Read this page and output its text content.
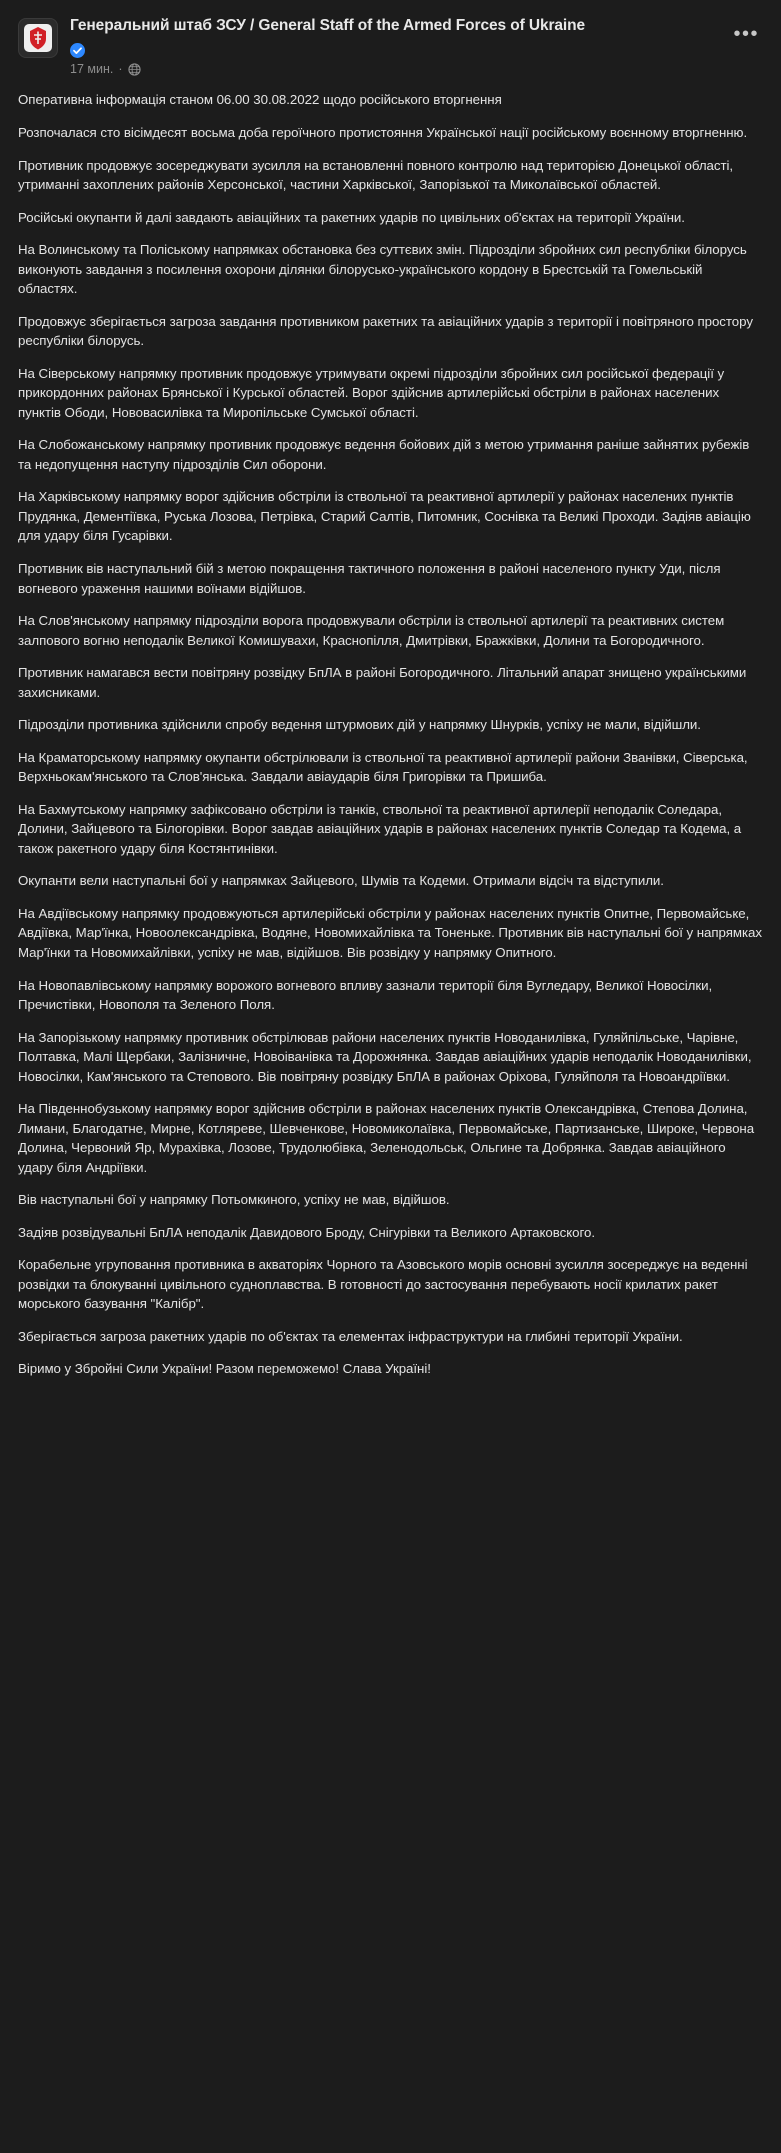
Генеральний штаб ЗСУ / General Staff of the Armed Forces of Ukraine
17 мин. ·
•••

Оперативна інформація станом 06.00 30.08.2022 щодо російського вторгнення

Розпочалася сто вісімдесят восьма доба героїчного протистояння Української нації російському воєнному вторгненню.

Противник продовжує зосереджувати зусилля на встановленні повного контролю над територією Донецької області, утриманні захоплених районів Херсонської, частини Харківської, Запорізької та Миколаївської областей.

Російські окупанти й далі завдають авіаційних та ракетних ударів по цивільних об'єктах на території України.

На Волинському та Поліському напрямках обстановка без суттєвих змін. Підрозділи збройних сил республіки білорусь виконують завдання з посилення охорони ділянки білорусько-українського кордону в Брестській та Гомельській областях.

Продовжує зберігається загроза завдання противником ракетних та авіаційних ударів з території і повітряного простору республіки білорусь.

На Сіверському напрямку противник продовжує утримувати окремі підрозділи збройних сил російської федерації у прикордонних районах Брянської і Курської областей. Ворог здійснив артилерійські обстріли в районах населених пунктів Ободи, Нововасилівка та Миропільське Сумської області.

На Слобожанському напрямку противник продовжує ведення бойових дій з метою утримання раніше зайнятих рубежів та недопущення наступу підрозділів Сил оборони.

На Харківському напрямку ворог здійснив обстріли із ствольної та реактивної артилерії у районах населених пунктів Прудянка, Дементіївка, Руська Лозова, Петрівка, Старий Салтів, Питомник, Соснівка та Великі Проходи. Задіяв авіацію для удару біля Гусарівки.

Противник вів наступальний бій з метою покращення тактичного положення в районі населеного пункту Уди, після вогневого ураження нашими воїнами відійшов.

На Слов'янському напрямку підрозділи ворога продовжували обстріли із ствольної артилерії та реактивних систем залпового вогню неподалік Великої Комишувахи, Краснопілля, Дмитрівки, Бражківки, Долини та Богородичного.

Противник намагався вести повітряну розвідку БпЛА в районі Богородичного. Літальний апарат знищено українськими захисниками.

Підрозділи противника здійснили спробу ведення штурмових дій у напрямку Шнурків, успіху не мали, відійшли.

На Краматорському напрямку окупанти обстрілювали із ствольної та реактивної артилерії райони Званівки, Сіверська, Верхньокам'янського та Слов'янська. Завдали авіаударів біля Григорівки та Пришиба.

На Бахмутському напрямку зафіксовано обстріли із танків, ствольної та реактивної артилерії неподалік Соледара, Долини, Зайцевого та Білогорівки. Ворог завдав авіаційних ударів в районах населених пунктів Соледар та Кодема, а також ракетного удару біля Костянтинівки.

Окупанти вели наступальні бої у напрямках Зайцевого, Шумів та Кодеми. Отримали відсіч та відступили.

На Авдіївському напрямку продовжуються артилерійські обстріли у районах населених пунктів Опитне, Первомайське, Авдіївка, Мар'їнка, Новоолександрівка, Водяне, Новомихайлівка та Тоненьке. Противник вів наступальні бої у напрямках Мар'їнки та Новомихайлівки, успіху не мав, відійшов. Вів розвідку у напрямку Опитного.

На Новопавлівському напрямку ворожого вогневого впливу зазнали території біля Вугледару, Великої Новосілки, Пречистівки, Новополя та Зеленого Поля.

На Запорізькому напрямку противник обстрілював райони населених пунктів Новоданилівка, Гуляйпільське, Чарівне, Полтавка, Малі Щербаки, Залізничне, Новоіванівка та Дорожнянка. Завдав авіаційних ударів неподалік Новоданилівки, Новосілки, Кам'янського та Степового. Вів повітряну розвідку БпЛА в районах Оріхова, Гуляйполя та Новоандріївки.

На Південнобузькому напрямку ворог здійснив обстріли в районах населених пунктів Олександрівка, Степова Долина, Лимани, Благодатне, Мирне, Котляреве, Шевченкове, Новомиколаївка, Первомайське, Партизанське, Широке, Червона Долина, Червоний Яр, Мурахівка, Лозове, Трудолюбівка, Зеленодольськ, Ольгине та Добрянка. Завдав авіаційного удару біля Андріївки.

Вів наступальні бої у напрямку Потьомкиного, успіху не мав, відійшов.

Задіяв розвідувальні БпЛА неподалік Давидового Броду, Снігурівки та Великого Артаковского.

Корабельне угруповання противника в акваторіях Чорного та Азовського морів основні зусилля зосереджує на веденні розвідки та блокуванні цивільного судноплавства. В готовності до застосування перебувають носії крилатих ракет морського базування "Калібр".

Зберігається загроза ракетних ударів по об'єктах та елементах інфраструктури на глибині території України.

Віримо у Збройні Сили України! Разом переможемо! Слава Україні!
